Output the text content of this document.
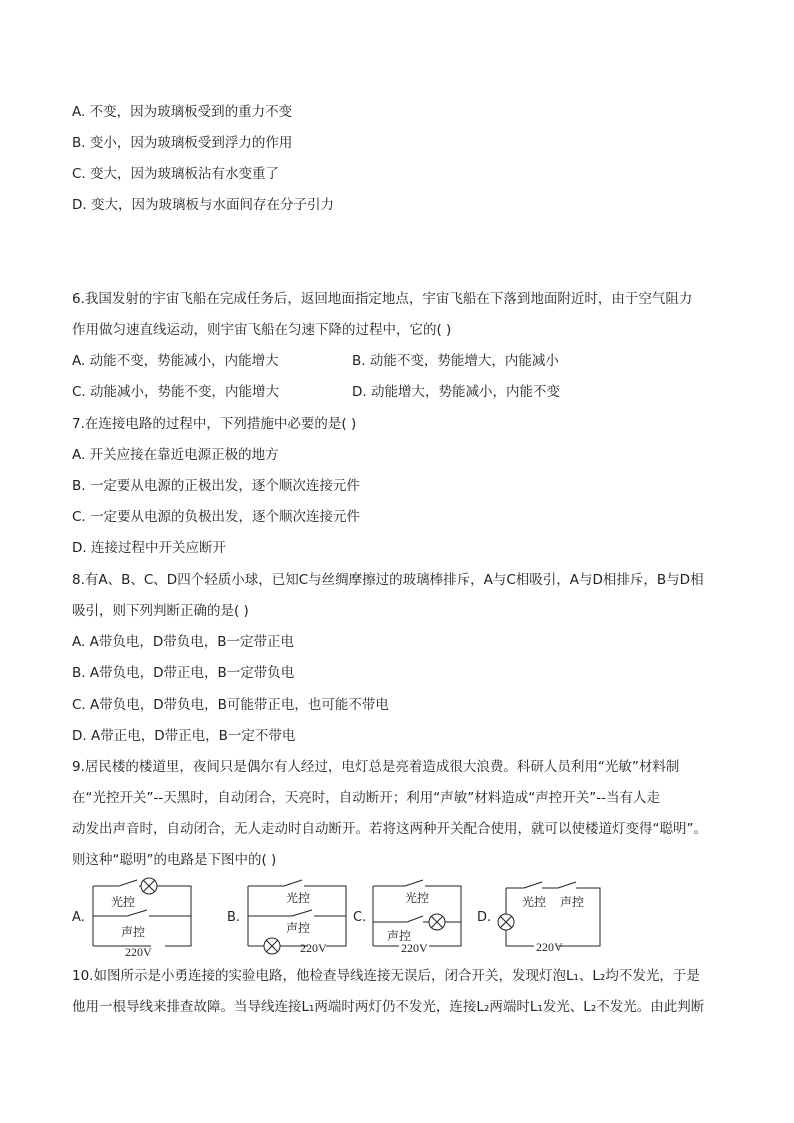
A. 不变，因为玻璃板受到的重力不变
B. 变小，因为玻璃板受到浮力的作用
C. 变大，因为玻璃板沾有水变重了
D. 变大，因为玻璃板与水面间存在分子引力
6.我国发射的宇宙飞船在完成任务后，返回地面指定地点，宇宙飞船在下落到地面附近时，由于空气阻力
作用做匀速直线运动，则宇宙飞船在匀速下降的过程中，它的( )
A. 动能不变，势能减小，内能增大	B. 动能不变，势能增大，内能减小
C. 动能减小，势能不变，内能增大	D. 动能增大，势能减小，内能不变
7.在连接电路的过程中，下列措施中必要的是( )
A. 开关应接在靠近电源正极的地方
B. 一定要从电源的正极出发，逐个顺次连接元件
C. 一定要从电源的负极出发，逐个顺次连接元件
D. 连接过程中开关应断开
8.有A、B、C、D四个轻质小球，已知C与丝绸摩擦过的玻璃棒排斥，A与C相吸引，A与D相排斥，B与D相
吸引，则下列判断正确的是( )
A. A带负电，D带负电，B一定带正电
B. A带负电，D带正电，B一定带负电
C. A带负电，D带负电，B可能带正电，也可能不带电
D. A带正电，D带正电，B一定不带电
9.居民楼的楼道里，夜间只是偶尔有人经过，电灯总是亮着造成很大浪费。科研人员利用“光敏”材料制
在“光控开关”--天黑时，自动闭合，天亮时，自动断开；利用“声敏”材料造成“声控开关”--当有人走
动发出声音时，自动闭合，无人走动时自动断开。若将这两种开关配合使用，就可以使楼道灯变得“聪明”。
则这种“聪明”的电路是下图中的( )
A.
光控
声控
220V
B.
光控
声控
220V
C.
光控
声控
220V
D.
光控 声控
220V
10.如图所示是小勇连接的实验电路，他检查导线连接无误后，闭合开关，发现灯泡L₁、L₂均不发光，于是
他用一根导线来排查故障。当导线连接L₁两端时两灯仍不发光，连接L₂两端时L₁发光、L₂不发光。由此判断
